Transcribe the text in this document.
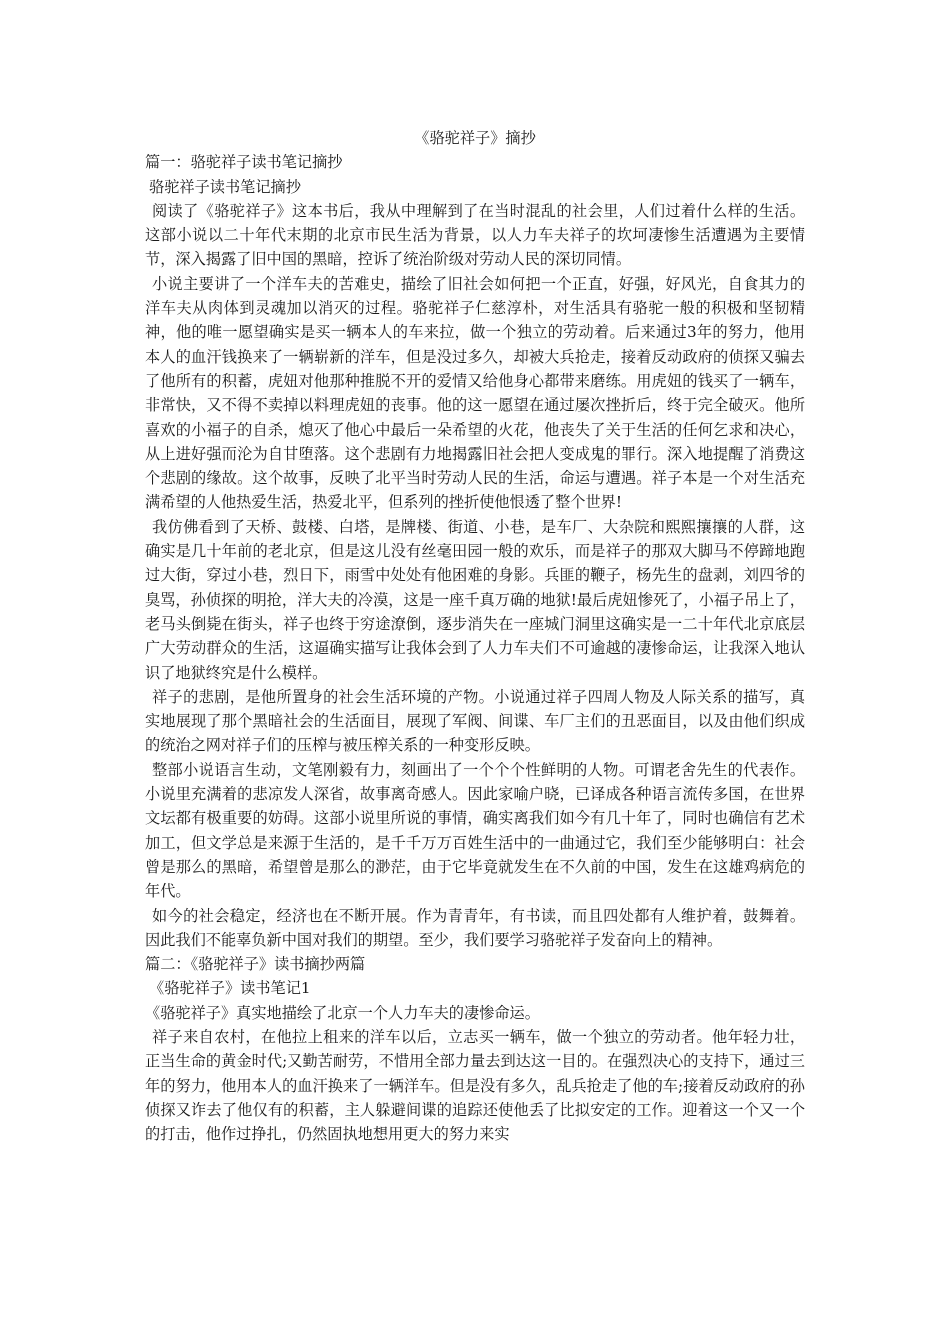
《骆驼祥子》摘抄

篇一：骆驼祥子读书笔记摘抄

骆驼祥子读书笔记摘抄

阅读了《骆驼祥子》这本书后，我从中理解到了在当时混乱的社会里，人们过着什么样的生活。这部小说以二十年代末期的北京市民生活为背景，以人力车夫祥子的坎坷凄惨生活遭遇为主要情节，深入揭露了旧中国的黑暗，控诉了统治阶级对劳动人民的深切同情。

小说主要讲了一个洋车夫的苦难史，描绘了旧社会如何把一个正直，好强，好风光，自食其力的洋车夫从肉体到灵魂加以消灭的过程。骆驼祥子仁慈淳朴，对生活具有骆驼一般的积极和坚韧精神，他的唯一愿望确实是买一辆本人的车来拉，做一个独立的劳动着。后来通过3年的努力，他用本人的血汗钱换来了一辆崭新的洋车，但是没过多久，却被大兵抢走，接着反动政府的侦探又骗去了他所有的积蓄，虎妞对他那种推脱不开的爱情又给他身心都带来磨练。用虎妞的钱买了一辆车，非常快，又不得不卖掉以料理虎妞的丧事。他的这一愿望在通过屡次挫折后，终于完全破灭。他所喜欢的小福子的自杀，熄灭了他心中最后一朵希望的火花，他丧失了关于生活的任何乞求和决心，从上进好强而沦为自甘堕落。这个悲剧有力地揭露旧社会把人变成鬼的罪行。深入地提醒了消费这个悲剧的缘故。这个故事，反映了北平当时劳动人民的生活，命运与遭遇。祥子本是一个对生活充满希望的人他热爱生活，热爱北平，但系列的挫折使他恨透了整个世界!

我仿佛看到了天桥、鼓楼、白塔，是牌楼、街道、小巷，是车厂、大杂院和熙熙攘攘的人群，这确实是几十年前的老北京，但是这儿没有丝毫田园一般的欢乐，而是祥子的那双大脚马不停蹄地跑过大街，穿过小巷，烈日下，雨雪中处处有他困难的身影。兵匪的鞭子，杨先生的盘剥，刘四爷的臭骂，孙侦探的明抢，洋大夫的冷漠，这是一座千真万确的地狱!最后虎妞惨死了，小福子吊上了，老马头倒毙在街头，祥子也终于穷途潦倒，逐步消失在一座城门洞里这确实是一二十年代北京底层广大劳动群众的生活，这逼确实描写让我体会到了人力车夫们不可逾越的凄惨命运，让我深入地认识了地狱终究是什么模样。

祥子的悲剧，是他所置身的社会生活环境的产物。小说通过祥子四周人物及人际关系的描写，真实地展现了那个黑暗社会的生活面目，展现了军阀、间谍、车厂主们的丑恶面目，以及由他们织成的统治之网对祥子们的压榨与被压榨关系的一种变形反映。

整部小说语言生动，文笔刚毅有力，刻画出了一个个个性鲜明的人物。可谓老舍先生的代表作。小说里充满着的悲凉发人深省，故事离奇感人。因此家喻户晓，已译成各种语言流传多国，在世界文坛都有极重要的妨碍。这部小说里所说的事情，确实离我们如今有几十年了，同时也确信有艺术加工，但文学总是来源于生活的，是千千万万百姓生活中的一曲通过它，我们至少能够明白：社会曾是那么的黑暗，希望曾是那么的渺茫，由于它毕竟就发生在不久前的中国，发生在这雄鸡病危的年代。

如今的社会稳定，经济也在不断开展。作为青青年，有书读，而且四处都有人维护着，鼓舞着。因此我们不能辜负新中国对我们的期望。至少，我们要学习骆驼祥子发奋向上的精神。

篇二：《骆驼祥子》读书摘抄两篇

《骆驼祥子》读书笔记1

《骆驼祥子》真实地描绘了北京一个人力车夫的凄惨命运。

祥子来自农村，在他拉上租来的洋车以后，立志买一辆车，做一个独立的劳动者。他年轻力壮，正当生命的黄金时代;又勤苦耐劳，不惜用全部力量去到达这一目的。在强烈决心的支持下，通过三年的努力，他用本人的血汗换来了一辆洋车。但是没有多久，乱兵抢走了他的车;接着反动政府的孙侦探又诈去了他仅有的积蓄，主人躲避间谍的追踪还使他丢了比拟安定的工作。迎着这一个又一个的打击，他作过挣扎，仍然固执地想用更大的努力来实
